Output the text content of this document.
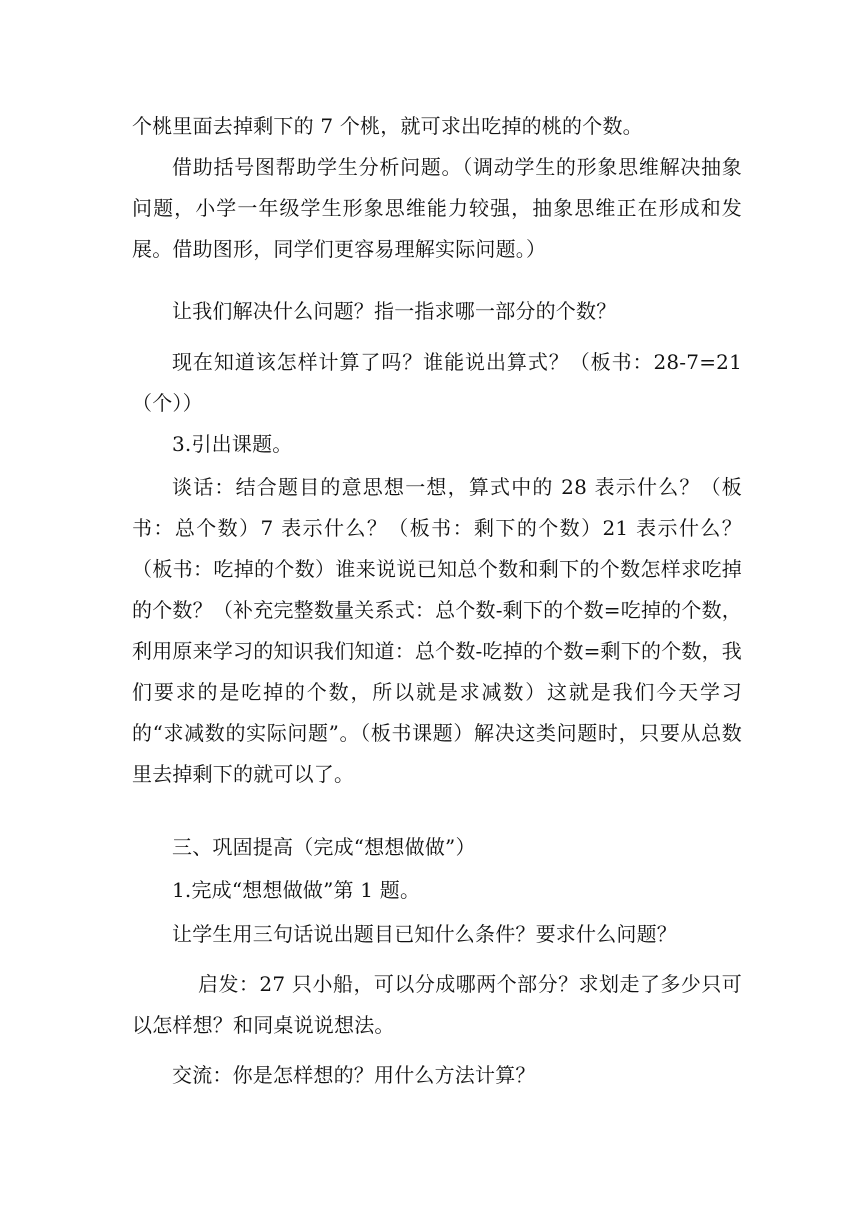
个桃里面去掉剩下的 7 个桃，就可求出吃掉的桃的个数。

借助括号图帮助学生分析问题。（调动学生的形象思维解决抽象问题，小学一年级学生形象思维能力较强，抽象思维正在形成和发展。借助图形，同学们更容易理解实际问题。）

让我们解决什么问题？指一指求哪一部分的个数？

现在知道该怎样计算了吗？谁能说出算式？（板书：28-7=21（个））

3.引出课题。

谈话：结合题目的意思想一想，算式中的 28 表示什么？（板书：总个数）7 表示什么？（板书：剩下的个数）21 表示什么？（板书：吃掉的个数）谁来说说已知总个数和剩下的个数怎样求吃掉的个数？（补充完整数量关系式：总个数-剩下的个数=吃掉的个数，利用原来学习的知识我们知道：总个数-吃掉的个数=剩下的个数，我们要求的是吃掉的个数，所以就是求减数）这就是我们今天学习的“求减数的实际问题”。（板书课题）解决这类问题时，只要从总数里去掉剩下的就可以了。

三、巩固提高（完成“想想做做”）

1.完成“想想做做”第 1 题。

让学生用三句话说出题目已知什么条件？要求什么问题？

启发：27 只小船，可以分成哪两个部分？求划走了多少只可以怎样想？和同桌说说想法。

交流：你是怎样想的？用什么方法计算？
